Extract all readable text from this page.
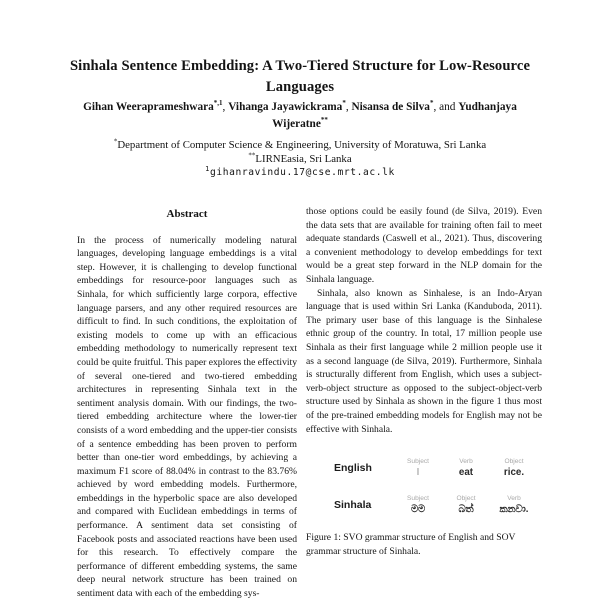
Sinhala Sentence Embedding: A Two-Tiered Structure for Low-Resource Languages
Gihan Weeraprameshwara$^{*,1}$, Vihanga Jayawickrama*, Nisansa de Silva*, and Yudhanjaya Wijeratne**
*Department of Computer Science & Engineering, University of Moratuwa, Sri Lanka
**LIRNEasia, Sri Lanka
$^1$gihanravindu.17@cse.mrt.ac.lk
Abstract

In the process of numerically modeling natural languages, developing language embeddings is a vital step. However, it is challenging to develop functional embeddings for resource-poor languages such as Sinhala, for which sufficiently large corpora, effective language parsers, and any other required resources are difficult to find. In such conditions, the exploitation of existing models to come up with an efficacious embedding methodology to numerically represent text could be quite fruitful. This paper explores the effectivity of several one-tiered and two-tiered embedding architectures in representing Sinhala text in the sentiment analysis domain. With our findings, the two-tiered embedding architecture where the lower-tier consists of a word embedding and the upper-tier consists of a sentence embedding has been proven to perform better than one-tier word embeddings, by achieving a maximum F1 score of 88.04% in contrast to the 83.76% achieved by word embedding models. Furthermore, embeddings in the hyperbolic space are also developed and compared with Euclidean embeddings in terms of performance. A sentiment data set consisting of Facebook posts and associated reactions have been used for this research. To effectively compare the performance of different embedding systems, the same deep neural network structure has been trained on sentiment data with each of the embedding sys-

those options could be easily found (de Silva, 2019). Even the data sets that are available for training often fail to meet adequate standards (Caswell et al., 2021). Thus, discovering a convenient methodology to develop embeddings for text would be a great step forward in the NLP domain for the Sinhala language.

Sinhala, also known as Sinhalese, is an Indo-Aryan language that is used within Sri Lanka (Kanduboda, 2011). The primary user base of this language is the Sinhalese ethnic group of the country. In total, 17 million people use Sinhala as their first language while 2 million people use it as a second language (de Silva, 2019). Furthermore, Sinhala is structurally different from English, which uses a subject-verb-object structure as opposed to the subject-object-verb structure used by Sinhala as shown in the figure 1 thus most of the pre-trained embedding models for English may not be effective with Sinhala.

English
Subject
I
Verb
eat
Object
rice.
Sinhala
Subject
මම
Object
බත්
Verb
කනවා.

Figure 1: SVO grammar structure of English and SOV grammar structure of Sinhala.
